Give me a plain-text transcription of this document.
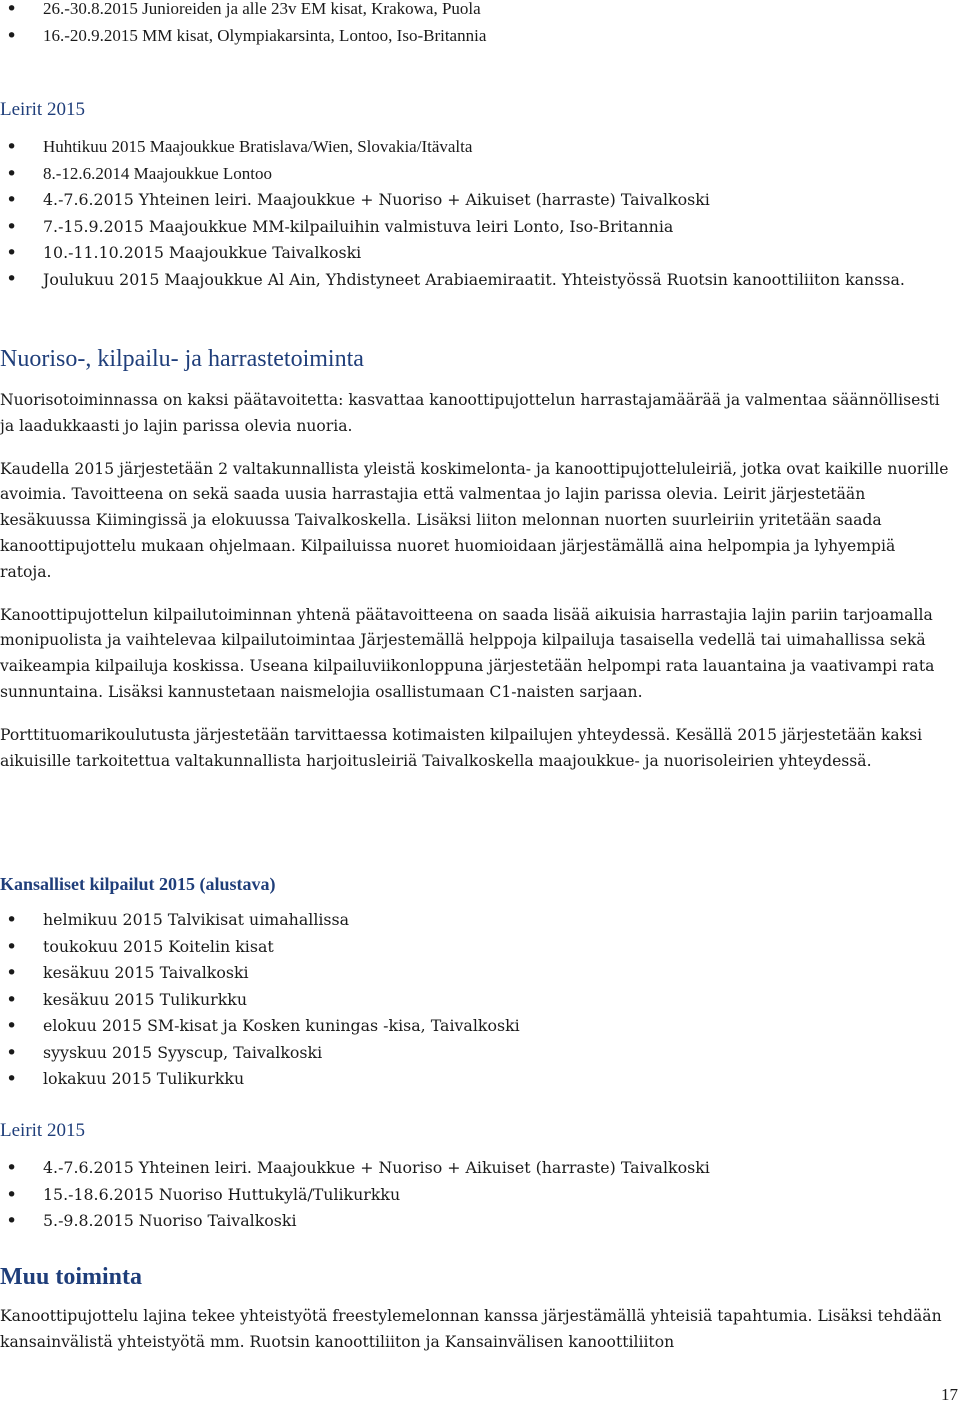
• 26.-30.8.2015 Junioreiden ja alle 23v EM kisat, Krakowa, Puola
• 16.-20.9.2015 MM kisat, Olympiakarsinta, Lontoo, Iso-Britannia
Leirit 2015
• Huhtikuu 2015 Maajoukkue Bratislava/Wien, Slovakia/Itävalta
• 8.-12.6.2014 Maajoukkue Lontoo
• 4.-7.6.2015 Yhteinen leiri. Maajoukkue + Nuoriso + Aikuiset (harraste) Taivalkoski
• 7.-15.9.2015 Maajoukkue MM-kilpailuihin valmistuva leiri Lonto, Iso-Britannia
• 10.-11.10.2015 Maajoukkue Taivalkoski
• Joulukuu 2015 Maajoukkue Al Ain, Yhdistyneet Arabiaemiraatit. Yhteistyössä Ruotsin kanoottiliiton kanssa.
Nuoriso-, kilpailu- ja harrastetoiminta

Nuorisotoiminnassa on kaksi päätavoitetta: kasvattaa kanoottipujottelun harrastajamäärää ja valmentaa säännöllisesti ja laadukkaasti jo lajin parissa olevia nuoria.

Kaudella 2015 järjestetään 2 valtakunnallista yleistä koskimelonta- ja kanoottipujotteluleiriä, jotka ovat kaikille nuorille avoimia. Tavoitteena on sekä saada uusia harrastajia että valmentaa jo lajin parissa olevia. Leirit järjestetään kesäkuussa Kiimingissä ja elokuussa Taivalkoskella. Lisäksi liiton melonnan nuorten suurleiriin yritetään saada kanoottipujottelu mukaan ohjelmaan. Kilpailuissa nuoret huomioidaan järjestämällä aina helpompia ja lyhyempiä ratoja.

Kanoottipujottelun kilpailutoiminnan yhtenä päätavoitteena on saada lisää aikuisia harrastajia lajin pariin tarjoamalla monipuolista ja vaihtelevaa kilpailutoimintaa Järjestemällä helppoja kilpailuja tasaisella vedellä tai uimahallissa sekä vaikeampia kilpailuja koskissa. Useana kilpailuviikonloppuna järjestetään helpompi rata lauantaina ja vaativampi rata sunnuntaina. Lisäksi kannustetaan naismelojia osallistumaan C1-naisten sarjaan.

Porttituomarikoulutusta järjestetään tarvittaessa kotimaisten kilpailujen yhteydessä. Kesällä 2015 järjestetään kaksi aikuisille tarkoitettua valtakunnallista harjoitusleiriä Taivalkoskella maajoukkue- ja nuorisoleirien yhteydessä.

Kansalliset kilpailut 2015 (alustava)
• helmikuu 2015 Talvikisat uimahallissa
• toukokuu 2015 Koitelin kisat
• kesäkuu 2015 Taivalkoski
• kesäkuu 2015 Tulikurkku
• elokuu 2015 SM-kisat ja Kosken kuningas -kisa, Taivalkoski
• syyskuu 2015 Syyscup, Taivalkoski
• lokakuu 2015 Tulikurkku
Leirit 2015
• 4.-7.6.2015 Yhteinen leiri. Maajoukkue + Nuoriso + Aikuiset (harraste) Taivalkoski
• 15.-18.6.2015 Nuoriso Huttukylä/Tulikurkku
• 5.-9.8.2015 Nuoriso Taivalkoski
Muu toiminta

Kanoottipujottelu lajina tekee yhteistyötä freestylemelonnan kanssa järjestämällä yhteisiä tapahtumia. Lisäksi tehdään kansainvälistä yhteistyötä mm. Ruotsin kanoottiliiton ja Kansainvälisen kanoottiliiton

17
